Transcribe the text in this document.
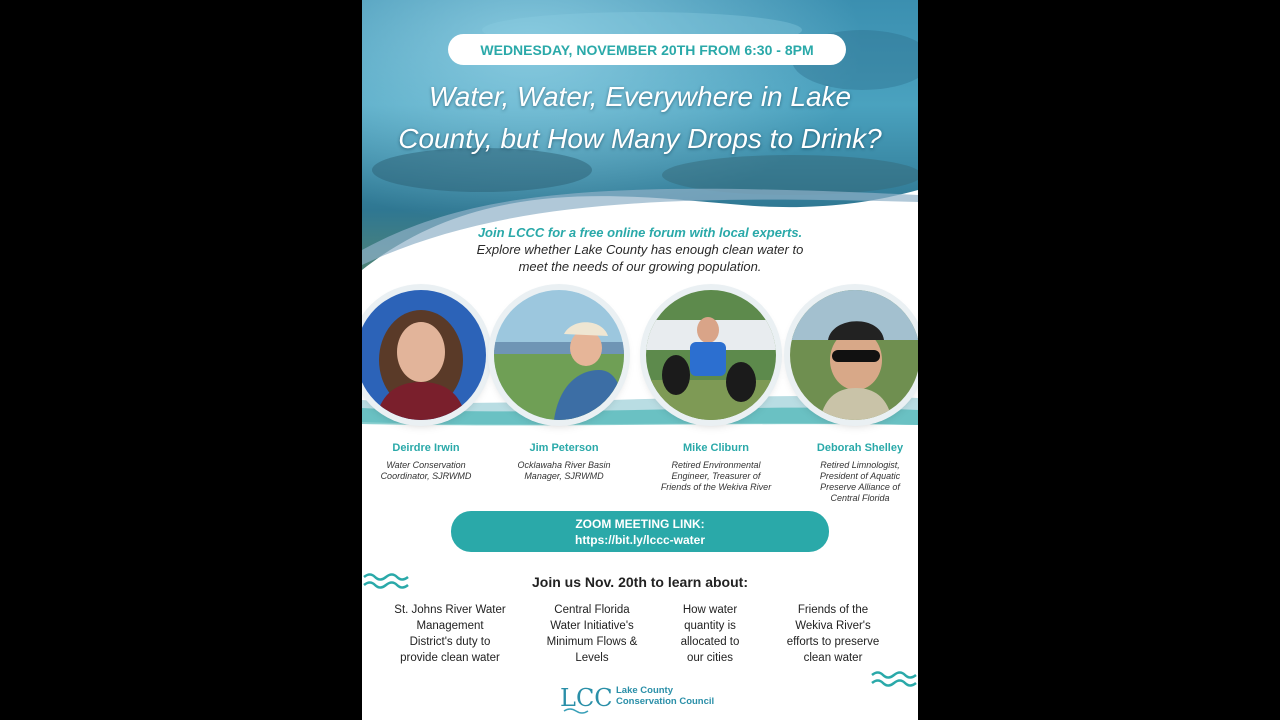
WEDNESDAY, NOVEMBER 20TH FROM 6:30 - 8PM
Water, Water, Everywhere in Lake
County, but How Many Drops to Drink?
Join LCCC for a free online forum with local experts.
Explore whether Lake County has enough clean water to
meet the needs of our growing population.
Deirdre Irwin
Water Conservation
Coordinator, SJRWMD
Jim Peterson
Ocklawaha River Basin
Manager, SJRWMD
Mike Cliburn
Retired Environmental
Engineer, Treasurer of
Friends of the Wekiva River
Deborah Shelley
Retired Limnologist,
President of Aquatic
Preserve Alliance of
Central Florida
ZOOM MEETING LINK:
https://bit.ly/lccc-water
Join us Nov. 20th to learn about:
St. Johns River Water
Management
District's duty to
provide clean water
Central Florida
Water Initiative's
Minimum Flows &
Levels
How water
quantity is
allocated to
our cities
Friends of the
Wekiva River's
efforts to preserve
clean water
LCC Lake County
Conservation Council
